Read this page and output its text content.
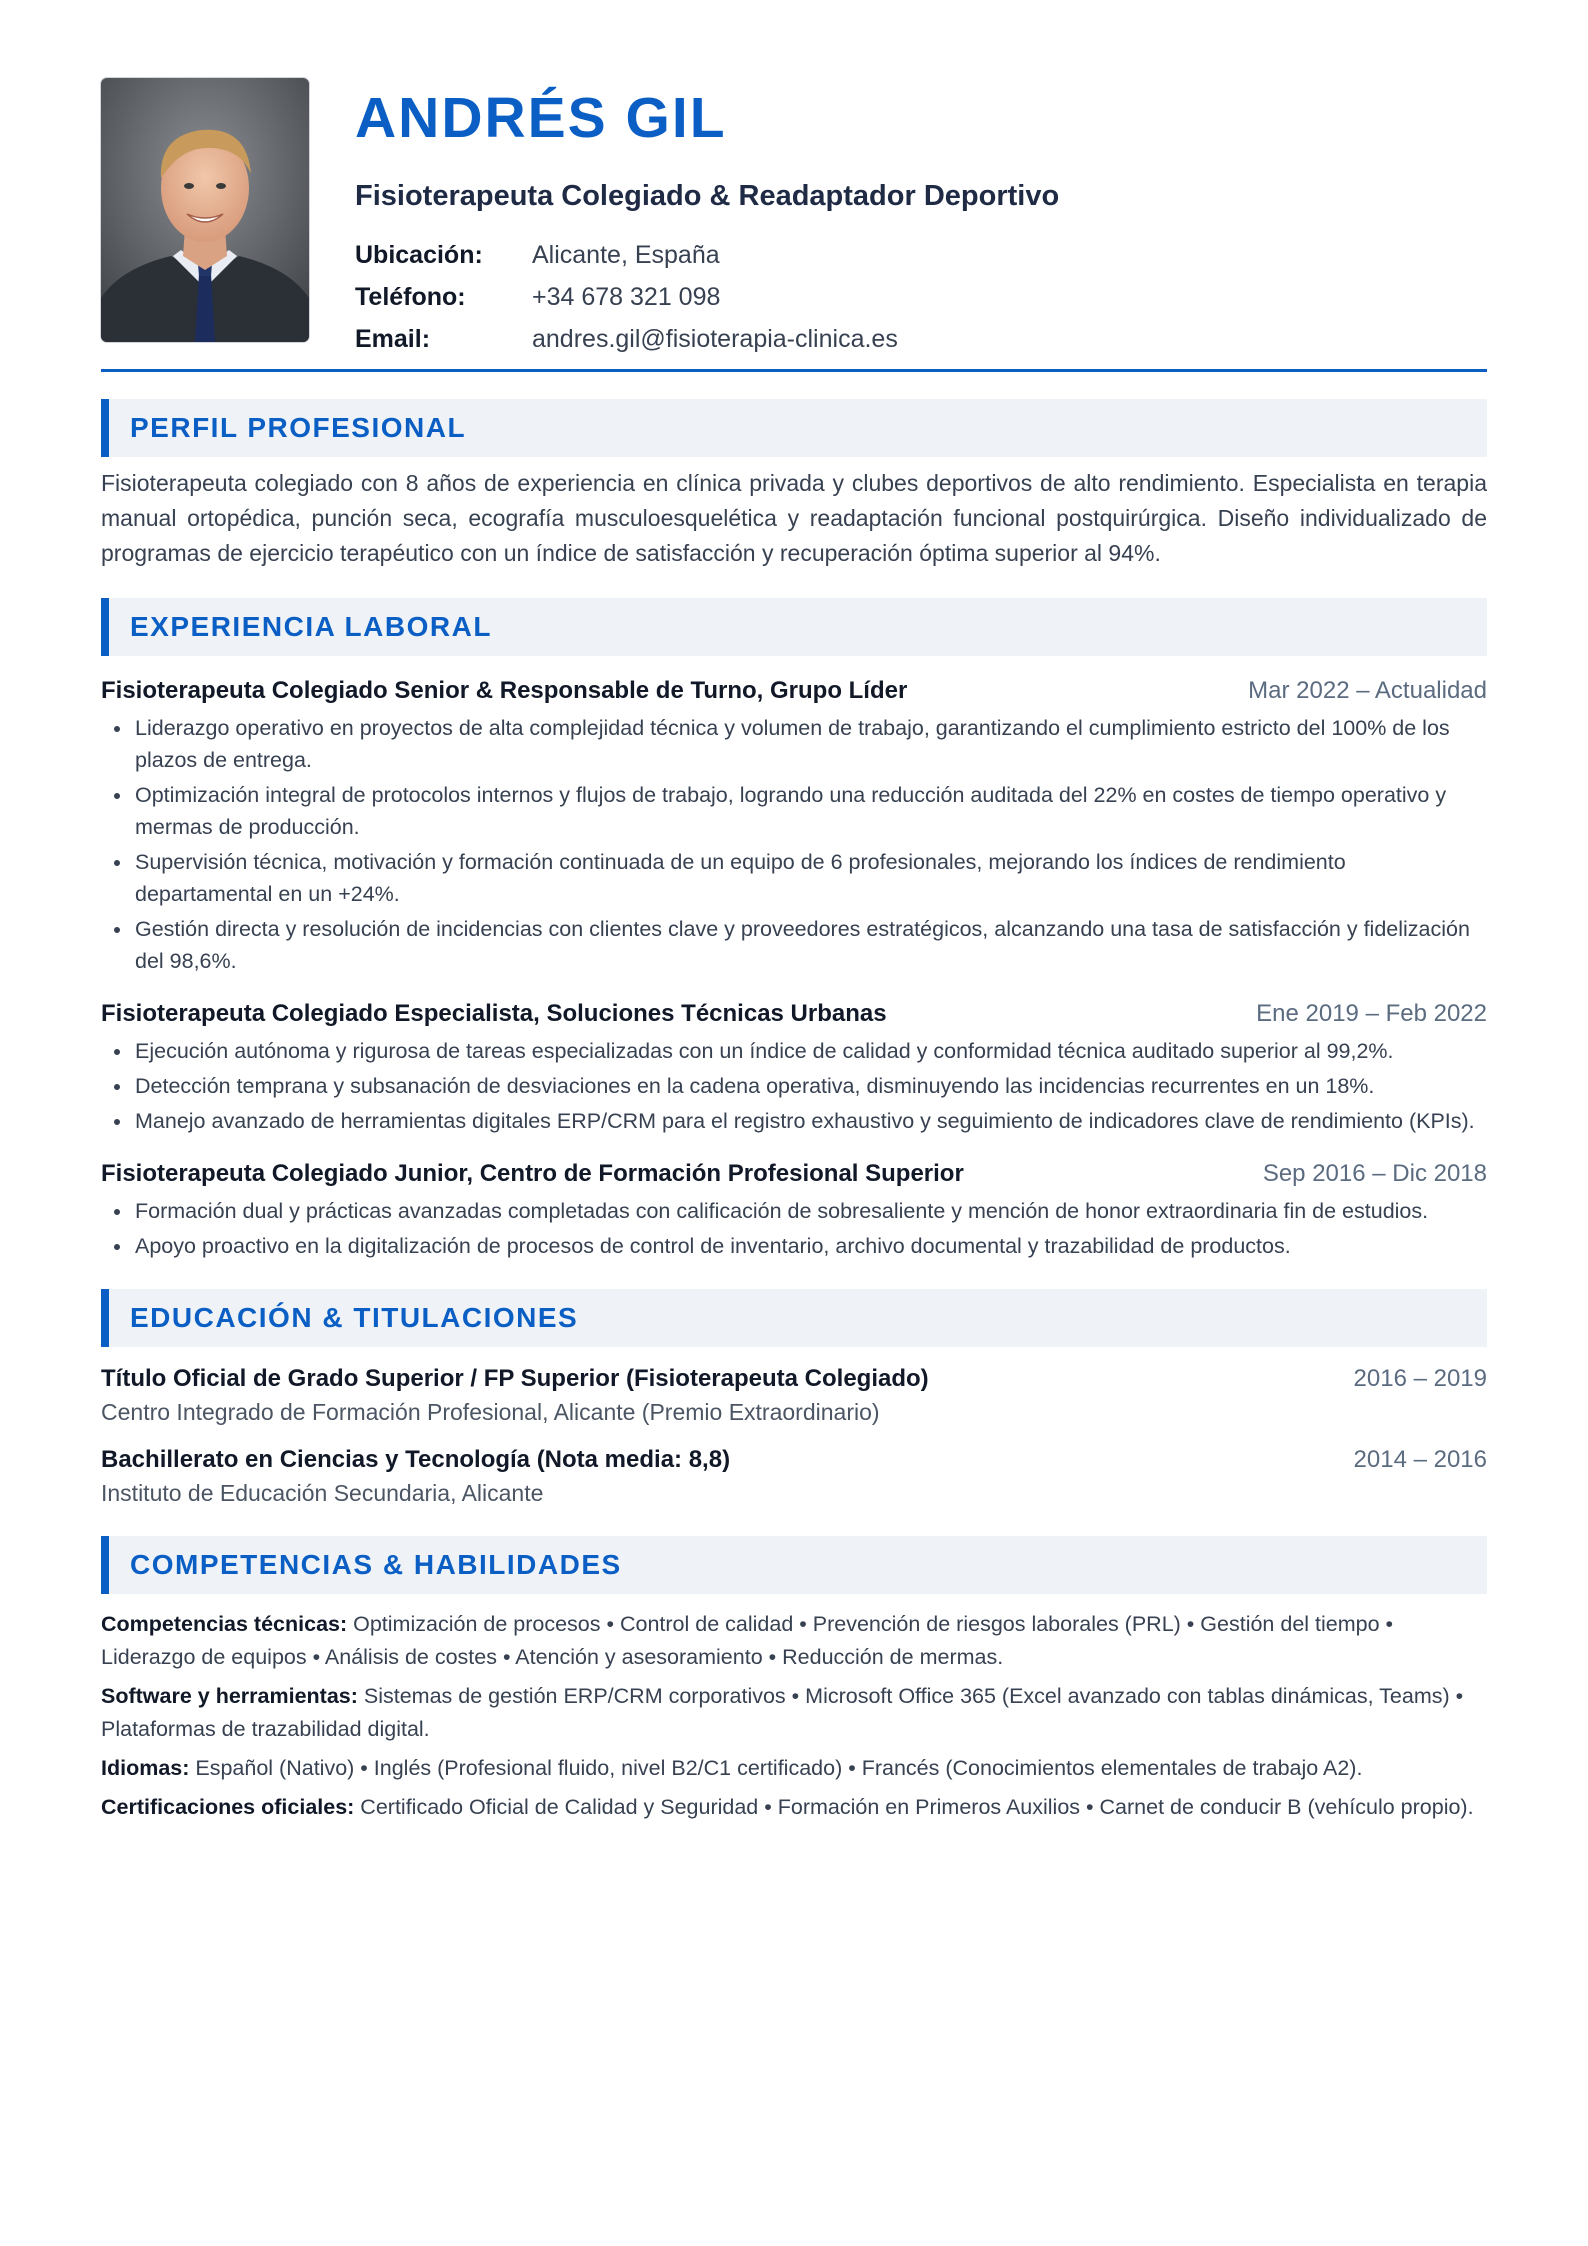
ANDRÉS GIL
Fisioterapeuta Colegiado & Readaptador Deportivo
Ubicación:	Alicante, España
Teléfono:	+34 678 321 098
Email:	andres.gil@fisioterapia-clinica.es
PERFIL PROFESIONAL

Fisioterapeuta colegiado con 8 años de experiencia en clínica privada y clubes deportivos de alto rendimiento. Especialista en terapia manual ortopédica, punción seca, ecografía musculoesquelética y readaptación funcional postquirúrgica. Diseño individualizado de programas de ejercicio terapéutico con un índice de satisfacción y recuperación óptima superior al 94%.

EXPERIENCIA LABORAL
Fisioterapeuta Colegiado Senior & Responsable de Turno, Grupo Líder	Mar 2022 – Actualidad
Liderazgo operativo en proyectos de alta complejidad técnica y volumen de trabajo, garantizando el cumplimiento estricto del 100% de los plazos de entrega.
Optimización integral de protocolos internos y flujos de trabajo, logrando una reducción auditada del 22% en costes de tiempo operativo y mermas de producción.
Supervisión técnica, motivación y formación continuada de un equipo de 6 profesionales, mejorando los índices de rendimiento departamental en un +24%.
Gestión directa y resolución de incidencias con clientes clave y proveedores estratégicos, alcanzando una tasa de satisfacción y fidelización del 98,6%.
Fisioterapeuta Colegiado Especialista, Soluciones Técnicas Urbanas	Ene 2019 – Feb 2022
Ejecución autónoma y rigurosa de tareas especializadas con un índice de calidad y conformidad técnica auditado superior al 99,2%.
Detección temprana y subsanación de desviaciones en la cadena operativa, disminuyendo las incidencias recurrentes en un 18%.
Manejo avanzado de herramientas digitales ERP/CRM para el registro exhaustivo y seguimiento de indicadores clave de rendimiento (KPIs).
Fisioterapeuta Colegiado Junior, Centro de Formación Profesional Superior	Sep 2016 – Dic 2018
Formación dual y prácticas avanzadas completadas con calificación de sobresaliente y mención de honor extraordinaria fin de estudios.
Apoyo proactivo en la digitalización de procesos de control de inventario, archivo documental y trazabilidad de productos.
EDUCACIÓN & TITULACIONES
Título Oficial de Grado Superior / FP Superior (Fisioterapeuta Colegiado)	2016 – 2019
Centro Integrado de Formación Profesional, Alicante (Premio Extraordinario)
Bachillerato en Ciencias y Tecnología (Nota media: 8,8)	2014 – 2016
Instituto de Educación Secundaria, Alicante
COMPETENCIAS & HABILIDADES

Competencias técnicas: Optimización de procesos • Control de calidad • Prevención de riesgos laborales (PRL) • Gestión del tiempo • Liderazgo de equipos • Análisis de costes • Atención y asesoramiento • Reducción de mermas.

Software y herramientas: Sistemas de gestión ERP/CRM corporativos • Microsoft Office 365 (Excel avanzado con tablas dinámicas, Teams) • Plataformas de trazabilidad digital.

Idiomas: Español (Nativo) • Inglés (Profesional fluido, nivel B2/C1 certificado) • Francés (Conocimientos elementales de trabajo A2).

Certificaciones oficiales: Certificado Oficial de Calidad y Seguridad • Formación en Primeros Auxilios • Carnet de conducir B (vehículo propio).
